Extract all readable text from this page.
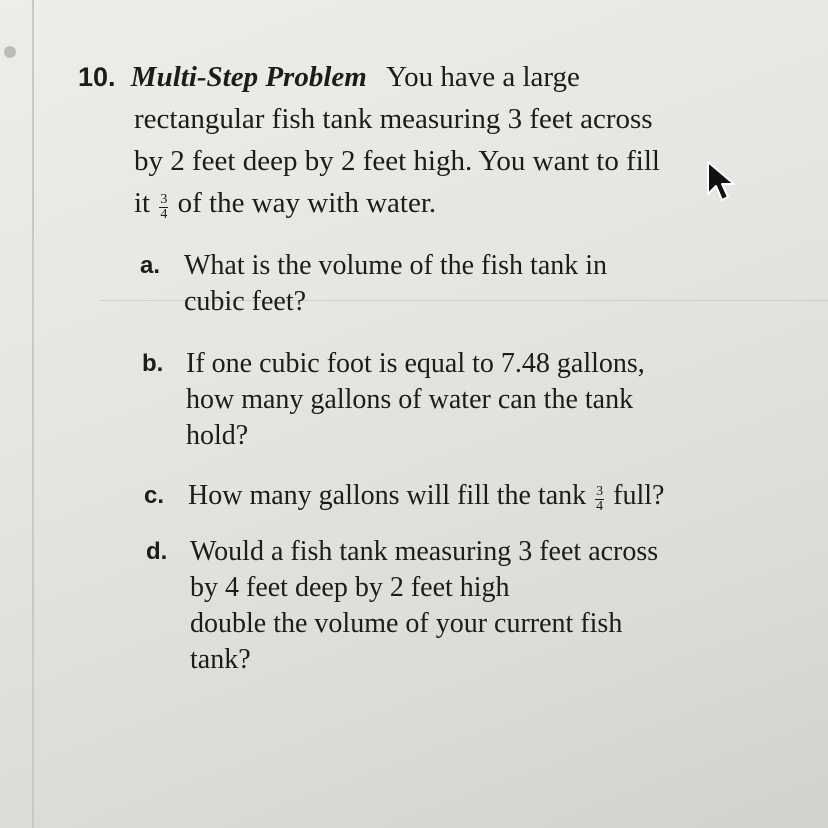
10. Multi-Step Problem You have a large
rectangular fish tank measuring 3 feet across
by 2 feet deep by 2 feet high. You want to fill
it $\frac{3}{4}$ of the way with water.
a. What is the volume of the fish tank in
cubic feet?
b. If one cubic foot is equal to 7.48 gallons,
how many gallons of water can the tank
hold?
c. How many gallons will fill the tank $\frac{3}{4}$ full?
d. Would a fish tank measuring 3 feet across
by 4 feet deep by 2 feet high
double the volume of your current fish
tank?
